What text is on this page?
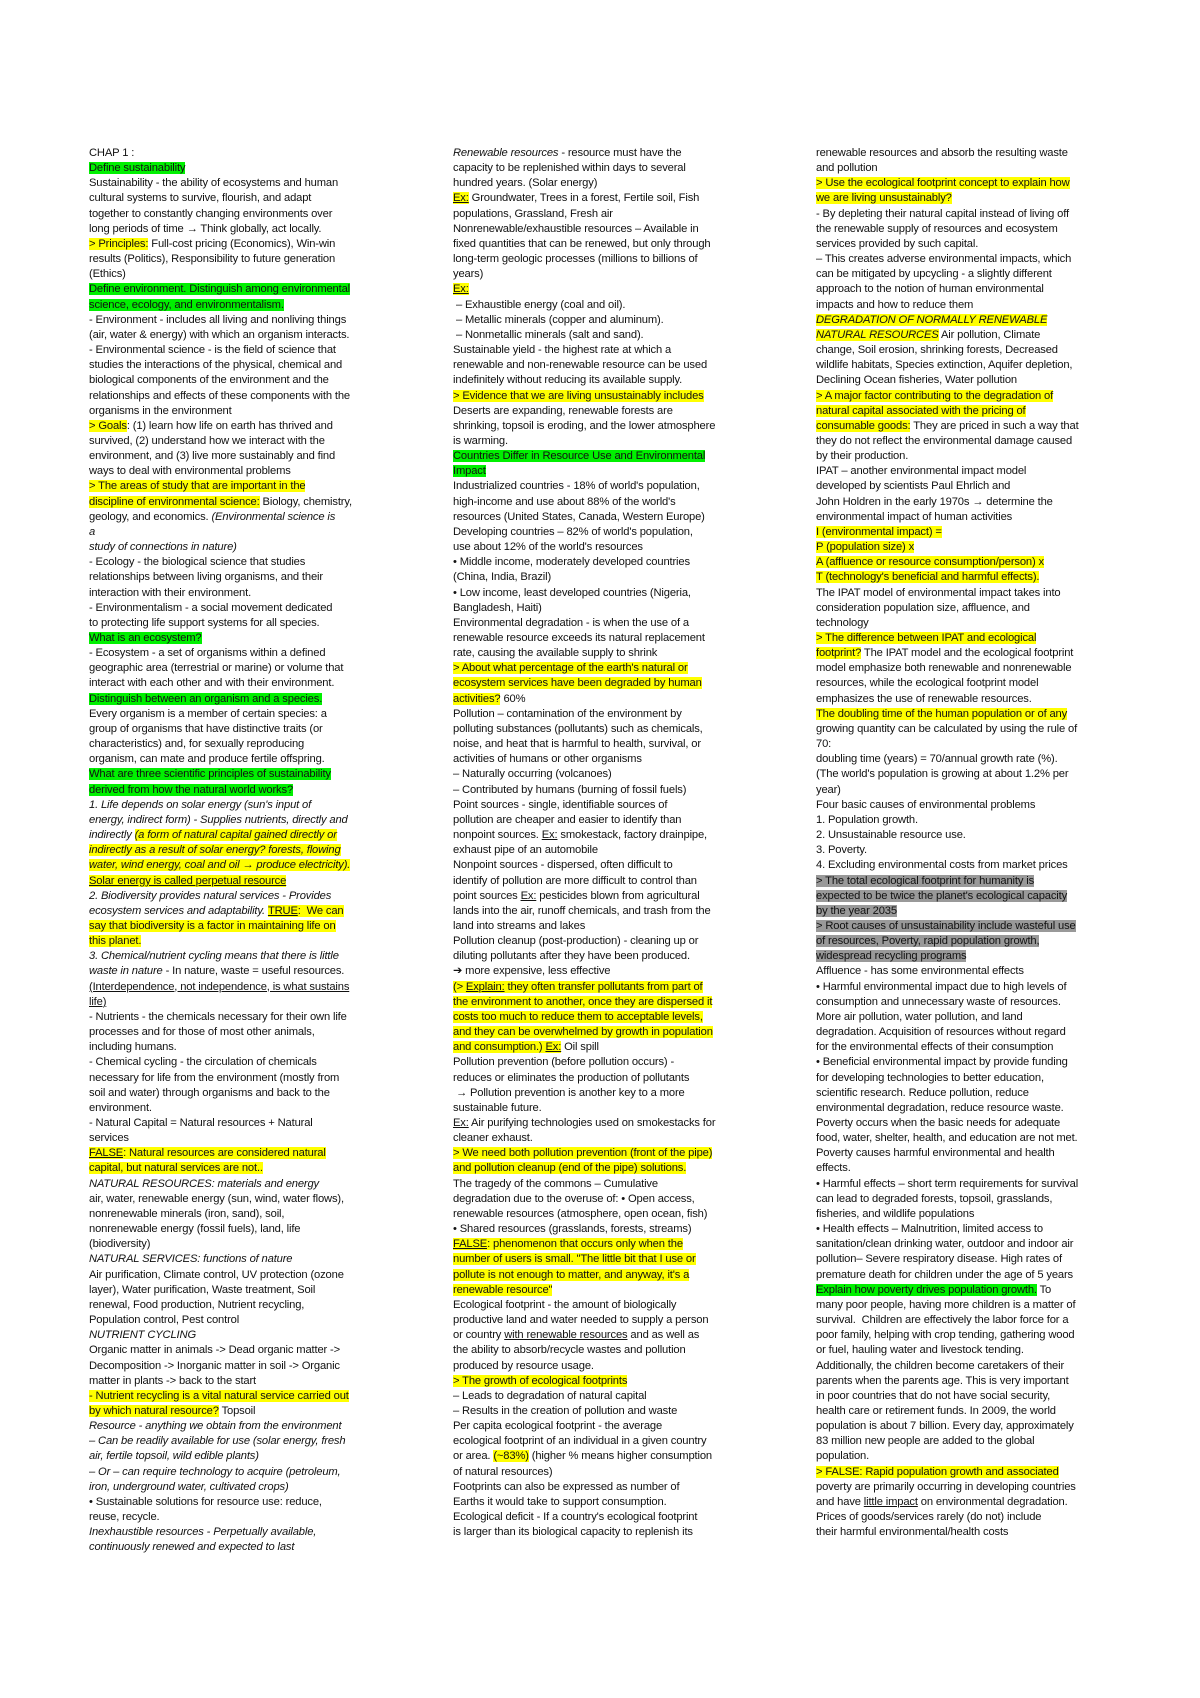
CHAP 1 :
Define sustainability
Sustainability - the ability of ecosystems and human
cultural systems to survive, flourish, and adapt
together to constantly changing environments over
long periods of time → Think globally, act locally.
> Principles: Full-cost pricing (Economics), Win-win
results (Politics), Responsibility to future generation
(Ethics)
Define environment. Distinguish among environmental
science, ecology, and environmentalism.
- Environment - includes all living and nonliving things
(air, water & energy) with which an organism interacts.
- Environmental science - is the field of science that
studies the interactions of the physical, chemical and
biological components of the environment and the
relationships and effects of these components with the
organisms in the environment
> Goals: (1) learn how life on earth has thrived and
survived, (2) understand how we interact with the
environment, and (3) live more sustainably and find
ways to deal with environmental problems
> The areas of study that are important in the
discipline of environmental science: Biology, chemistry,
geology, and economics. (Environmental science is
a
study of connections in nature)
- Ecology - the biological science that studies
relationships between living organisms, and their
interaction with their environment.
- Environmentalism - a social movement dedicated
to protecting life support systems for all species.
What is an ecosystem?
- Ecosystem - a set of organisms within a defined
geographic area (terrestrial or marine) or volume that
interact with each other and with their environment.
Distinguish between an organism and a species.
Every organism is a member of certain species: a
group of organisms that have distinctive traits (or
characteristics) and, for sexually reproducing
organism, can mate and produce fertile offspring.
What are three scientific principles of sustainability
derived from how the natural world works?
1. Life depends on solar energy (sun's input of
energy, indirect form) - Supplies nutrients, directly and
indirectly (a form of natural capital gained directly or
indirectly as a result of solar energy? forests, flowing
water, wind energy, coal and oil → produce electricity).
Solar energy is called perpetual resource
2. Biodiversity provides natural services - Provides
ecosystem services and adaptability. TRUE:  We can
say that biodiversity is a factor in maintaining life on
this planet.
3. Chemical/nutrient cycling means that there is little
waste in nature - In nature, waste = useful resources.
(Interdependence, not independence, is what sustains
life)
- Nutrients - the chemicals necessary for their own life
processes and for those of most other animals,
including humans.
- Chemical cycling - the circulation of chemicals
necessary for life from the environment (mostly from
soil and water) through organisms and back to the
environment.
- Natural Capital = Natural resources + Natural
services
FALSE: Natural resources are considered natural
capital, but natural services are not..
NATURAL RESOURCES: materials and energy
air, water, renewable energy (sun, wind, water flows),
nonrenewable minerals (iron, sand), soil,
nonrenewable energy (fossil fuels), land, life
(biodiversity)
NATURAL SERVICES: functions of nature
Air purification, Climate control, UV protection (ozone
layer), Water purification, Waste treatment, Soil
renewal, Food production, Nutrient recycling,
Population control, Pest control
NUTRIENT CYCLING
Organic matter in animals -> Dead organic matter ->
Decomposition -> Inorganic matter in soil -> Organic
matter in plants -> back to the start
- Nutrient recycling is a vital natural service carried out
by which natural resource? Topsoil
Resource - anything we obtain from the environment
– Can be readily available for use (solar energy, fresh
air, fertile topsoil, wild edible plants)
– Or – can require technology to acquire (petroleum,
iron, underground water, cultivated crops)
• Sustainable solutions for resource use: reduce,
reuse, recycle.
Inexhaustible resources - Perpetually available,
continuously renewed and expected to last
Renewable resources - resource must have the
capacity to be replenished within days to several
hundred years. (Solar energy)
Ex: Groundwater, Trees in a forest, Fertile soil, Fish
populations, Grassland, Fresh air
Nonrenewable/exhaustible resources – Available in
fixed quantities that can be renewed, but only through
long-term geologic processes (millions to billions of
years)
Ex:
– Exhaustible energy (coal and oil).
– Metallic minerals (copper and aluminum).
– Nonmetallic minerals (salt and sand).
Sustainable yield - the highest rate at which a
renewable and non-renewable resource can be used
indefinitely without reducing its available supply.
> Evidence that we are living unsustainably includes
Deserts are expanding, renewable forests are
shrinking, topsoil is eroding, and the lower atmosphere
is warming.
Countries Differ in Resource Use and Environmental
Impact
Industrialized countries - 18% of world's population,
high-income and use about 88% of the world's
resources (United States, Canada, Western Europe)
Developing countries – 82% of world's population,
use about 12% of the world's resources
• Middle income, moderately developed countries
(China, India, Brazil)
• Low income, least developed countries (Nigeria,
Bangladesh, Haiti)
Environmental degradation - is when the use of a
renewable resource exceeds its natural replacement
rate, causing the available supply to shrink
> About what percentage of the earth's natural or
ecosystem services have been degraded by human
activities? 60%
Pollution – contamination of the environment by
polluting substances (pollutants) such as chemicals,
noise, and heat that is harmful to health, survival, or
activities of humans or other organisms
– Naturally occurring (volcanoes)
– Contributed by humans (burning of fossil fuels)
Point sources - single, identifiable sources of
pollution are cheaper and easier to identify than
nonpoint sources. Ex: smokestack, factory drainpipe,
exhaust pipe of an automobile
Nonpoint sources - dispersed, often difficult to
identify of pollution are more difficult to control than
point sources Ex: pesticides blown from agricultural
lands into the air, runoff chemicals, and trash from the
land into streams and lakes
Pollution cleanup (post-production) - cleaning up or
diluting pollutants after they have been produced.
➔ more expensive, less effective
(> Explain: they often transfer pollutants from part of
the environment to another, once they are dispersed it
costs too much to reduce them to acceptable levels,
and they can be overwhelmed by growth in population
and consumption.) Ex: Oil spill
Pollution prevention (before pollution occurs) -
reduces or eliminates the production of pollutants
→ Pollution prevention is another key to a more
sustainable future.
Ex: Air purifying technologies used on smokestacks for
cleaner exhaust.
> We need both pollution prevention (front of the pipe)
and pollution cleanup (end of the pipe) solutions.
The tragedy of the commons – Cumulative
degradation due to the overuse of: • Open access,
renewable resources (atmosphere, open ocean, fish)
• Shared resources (grasslands, forests, streams)
FALSE: phenomenon that occurs only when the
number of users is small. "The little bit that I use or
pollute is not enough to matter, and anyway, it's a
renewable resource"
Ecological footprint - the amount of biologically
productive land and water needed to supply a person
or country with renewable resources and as well as
the ability to absorb/recycle wastes and pollution
produced by resource usage.
> The growth of ecological footprints
– Leads to degradation of natural capital
– Results in the creation of pollution and waste
Per capita ecological footprint - the average
ecological footprint of an individual in a given country
or area. (~83%) (higher % means higher consumption
of natural resources)
Footprints can also be expressed as number of
Earths it would take to support consumption.
Ecological deficit - If a country's ecological footprint
is larger than its biological capacity to replenish its
renewable resources and absorb the resulting waste
and pollution
> Use the ecological footprint concept to explain how
we are living unsustainably?
- By depleting their natural capital instead of living off
the renewable supply of resources and ecosystem
services provided by such capital.
– This creates adverse environmental impacts, which
can be mitigated by upcycling - a slightly different
approach to the notion of human environmental
impacts and how to reduce them
DEGRADATION OF NORMALLY RENEWABLE
NATURAL RESOURCES Air pollution, Climate
change, Soil erosion, shrinking forests, Decreased
wildlife habitats, Species extinction, Aquifer depletion,
Declining Ocean fisheries, Water pollution
> A major factor contributing to the degradation of
natural capital associated with the pricing of
consumable goods: They are priced in such a way that
they do not reflect the environmental damage caused
by their production.
IPAT – another environmental impact model
developed by scientists Paul Ehrlich and
John Holdren in the early 1970s → determine the
environmental impact of human activities
I (environmental impact) =
P (population size) x
A (affluence or resource consumption/person) x
T (technology's beneficial and harmful effects).
The IPAT model of environmental impact takes into
consideration population size, affluence, and
technology
> The difference between IPAT and ecological
footprint? The IPAT model and the ecological footprint
model emphasize both renewable and nonrenewable
resources, while the ecological footprint model
emphasizes the use of renewable resources.
The doubling time of the human population or of any
growing quantity can be calculated by using the rule of
70:
doubling time (years) = 70/annual growth rate (%).
(The world's population is growing at about 1.2% per
year)
Four basic causes of environmental problems
1. Population growth.
2. Unsustainable resource use.
3. Poverty.
4. Excluding environmental costs from market prices
> The total ecological footprint for humanity is
expected to be twice the planet's ecological capacity
by the year 2035
> Root causes of unsustainability include wasteful use
of resources, Poverty, rapid population growth,
widespread recycling programs
Affluence - has some environmental effects
• Harmful environmental impact due to high levels of
consumption and unnecessary waste of resources.
More air pollution, water pollution, and land
degradation. Acquisition of resources without regard
for the environmental effects of their consumption
• Beneficial environmental impact by provide funding
for developing technologies to better education,
scientific research. Reduce pollution, reduce
environmental degradation, reduce resource waste.
Poverty occurs when the basic needs for adequate
food, water, shelter, health, and education are not met.
Poverty causes harmful environmental and health
effects.
• Harmful effects – short term requirements for survival
can lead to degraded forests, topsoil, grasslands,
fisheries, and wildlife populations
• Health effects – Malnutrition, limited access to
sanitation/clean drinking water, outdoor and indoor air
pollution– Severe respiratory disease. High rates of
premature death for children under the age of 5 years
Explain how poverty drives population growth. To
many poor people, having more children is a matter of
survival.  Children are effectively the labor force for a
poor family, helping with crop tending, gathering wood
or fuel, hauling water and livestock tending.
Additionally, the children become caretakers of their
parents when the parents age. This is very important
in poor countries that do not have social security,
health care or retirement funds. In 2009, the world
population is about 7 billion. Every day, approximately
83 million new people are added to the global
population.
> FALSE: Rapid population growth and associated
poverty are primarily occurring in developing countries
and have little impact on environmental degradation.
Prices of goods/services rarely (do not) include
their harmful environmental/health costs
